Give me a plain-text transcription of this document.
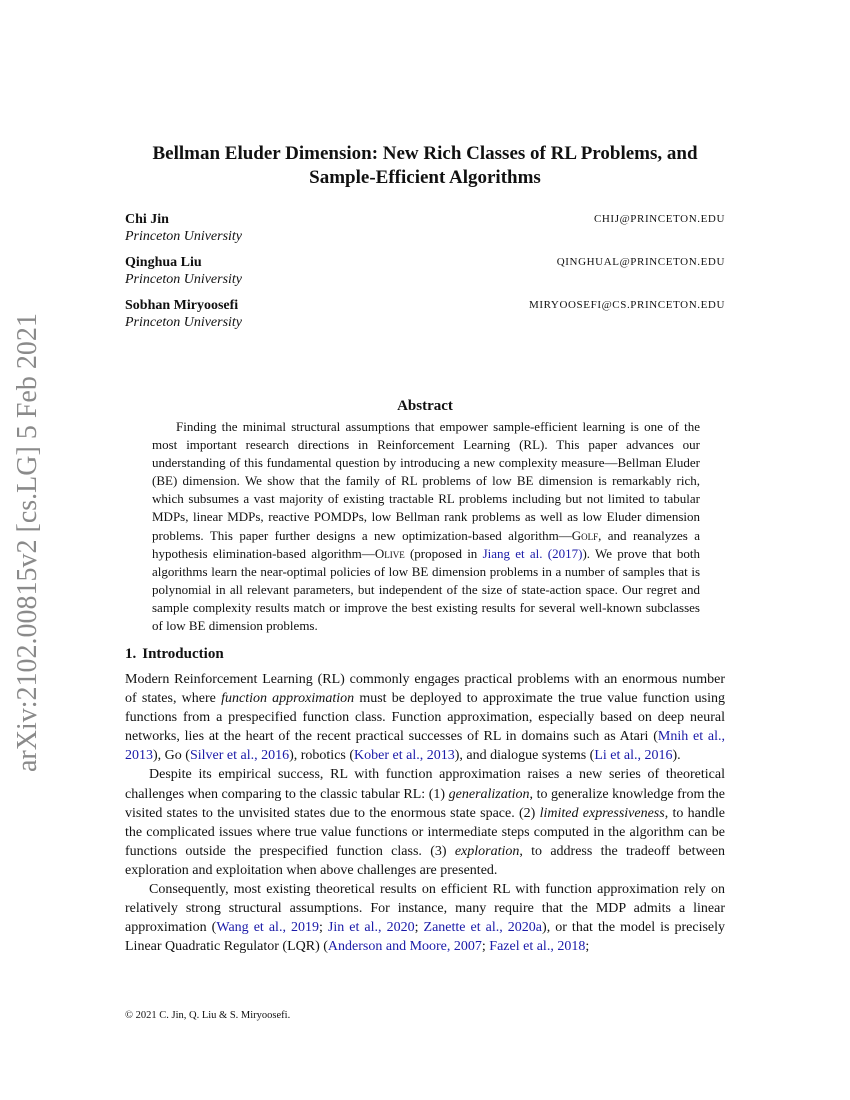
arXiv:2102.00815v2 [cs.LG] 5 Feb 2021
Bellman Eluder Dimension: New Rich Classes of RL Problems, and Sample-Efficient Algorithms
Chi Jin
Princeton University
CHIJ@PRINCETON.EDU
Qinghua Liu
Princeton University
QINGHUAL@PRINCETON.EDU
Sobhan Miryoosefi
Princeton University
MIRYOOSEFI@CS.PRINCETON.EDU
Abstract

Finding the minimal structural assumptions that empower sample-efficient learning is one of the most important research directions in Reinforcement Learning (RL). This paper advances our understanding of this fundamental question by introducing a new complexity measure—Bellman Eluder (BE) dimension. We show that the family of RL problems of low BE dimension is remarkably rich, which subsumes a vast majority of existing tractable RL problems including but not limited to tabular MDPs, linear MDPs, reactive POMDPs, low Bellman rank problems as well as low Eluder dimension problems. This paper further designs a new optimization-based algorithm—Golf, and reanalyzes a hypothesis elimination-based algorithm—Olive (proposed in Jiang et al. (2017)). We prove that both algorithms learn the near-optimal policies of low BE dimension problems in a number of samples that is polynomial in all relevant parameters, but independent of the size of state-action space. Our regret and sample complexity results match or improve the best existing results for several well-known subclasses of low BE dimension problems.

1. Introduction

Modern Reinforcement Learning (RL) commonly engages practical problems with an enormous number of states, where function approximation must be deployed to approximate the true value function using functions from a prespecified function class. Function approximation, especially based on deep neural networks, lies at the heart of the recent practical successes of RL in domains such as Atari (Mnih et al., 2013), Go (Silver et al., 2016), robotics (Kober et al., 2013), and dialogue systems (Li et al., 2016).

Despite its empirical success, RL with function approximation raises a new series of theoretical challenges when comparing to the classic tabular RL: (1) generalization, to generalize knowledge from the visited states to the unvisited states due to the enormous state space. (2) limited expressiveness, to handle the complicated issues where true value functions or intermediate steps computed in the algorithm can be functions outside the prespecified function class. (3) exploration, to address the tradeoff between exploration and exploitation when above challenges are presented.

Consequently, most existing theoretical results on efficient RL with function approximation rely on relatively strong structural assumptions. For instance, many require that the MDP admits a linear approximation (Wang et al., 2019; Jin et al., 2020; Zanette et al., 2020a), or that the model is precisely Linear Quadratic Regulator (LQR) (Anderson and Moore, 2007; Fazel et al., 2018;

© 2021 C. Jin, Q. Liu & S. Miryoosefi.
